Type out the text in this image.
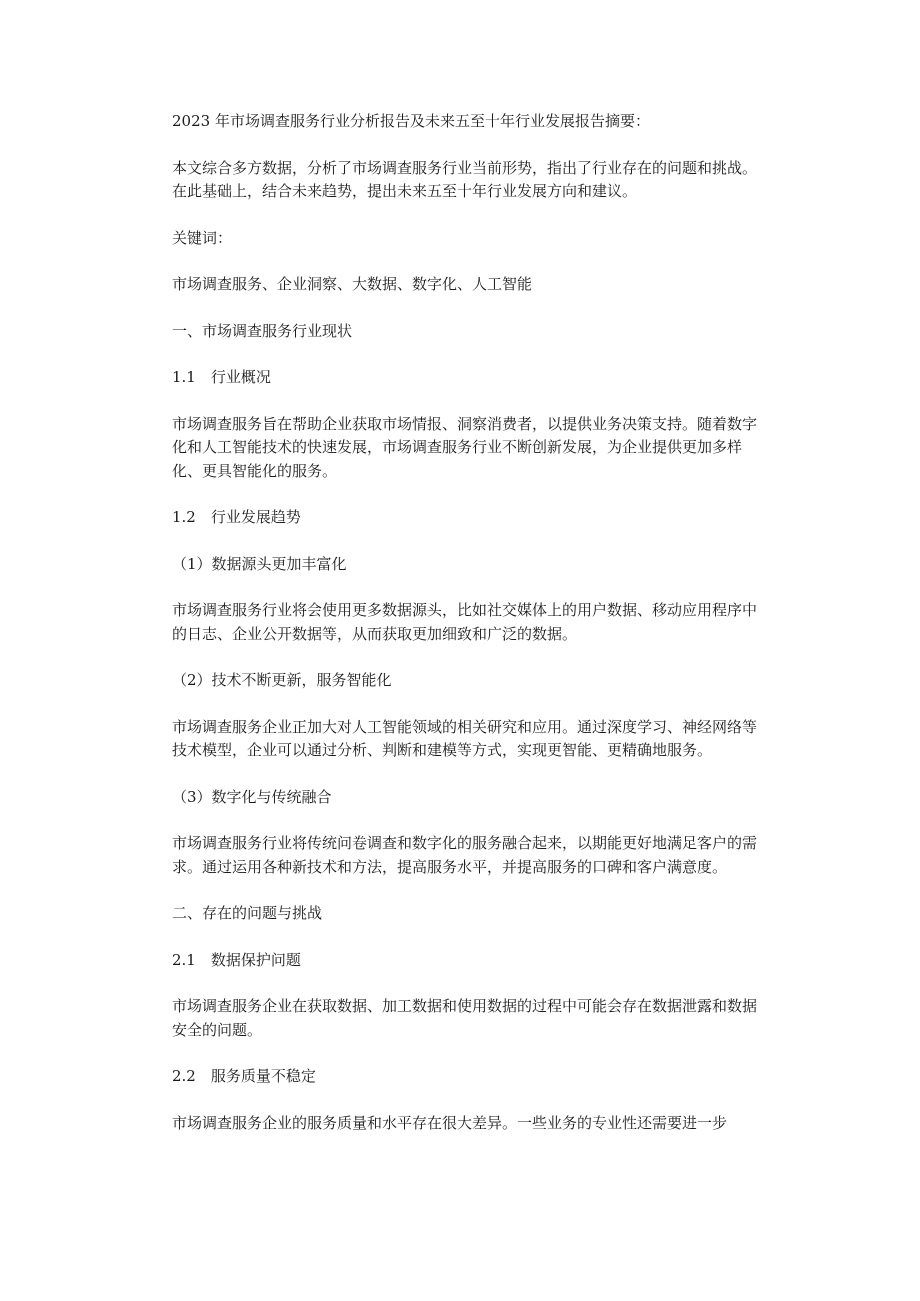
2023 年市场调查服务行业分析报告及未来五至十年行业发展报告摘要：

本文综合多方数据，分析了市场调查服务行业当前形势，指出了行业存在的问题和挑战。在此基础上，结合未来趋势，提出未来五至十年行业发展方向和建议。

关键词：

市场调查服务、企业洞察、大数据、数字化、人工智能

一、市场调查服务行业现状

1.1　行业概况

市场调查服务旨在帮助企业获取市场情报、洞察消费者，以提供业务决策支持。随着数字化和人工智能技术的快速发展，市场调查服务行业不断创新发展，为企业提供更加多样化、更具智能化的服务。

1.2　行业发展趋势

（1）数据源头更加丰富化

市场调查服务行业将会使用更多数据源头，比如社交媒体上的用户数据、移动应用程序中的日志、企业公开数据等，从而获取更加细致和广泛的数据。

（2）技术不断更新，服务智能化

市场调查服务企业正加大对人工智能领域的相关研究和应用。通过深度学习、神经网络等技术模型，企业可以通过分析、判断和建模等方式，实现更智能、更精确地服务。

（3）数字化与传统融合

市场调查服务行业将传统问卷调查和数字化的服务融合起来，以期能更好地满足客户的需求。通过运用各种新技术和方法，提高服务水平，并提高服务的口碑和客户满意度。

二、存在的问题与挑战

2.1　数据保护问题

市场调查服务企业在获取数据、加工数据和使用数据的过程中可能会存在数据泄露和数据安全的问题。

2.2　服务质量不稳定

市场调查服务企业的服务质量和水平存在很大差异。一些业务的专业性还需要进一步
